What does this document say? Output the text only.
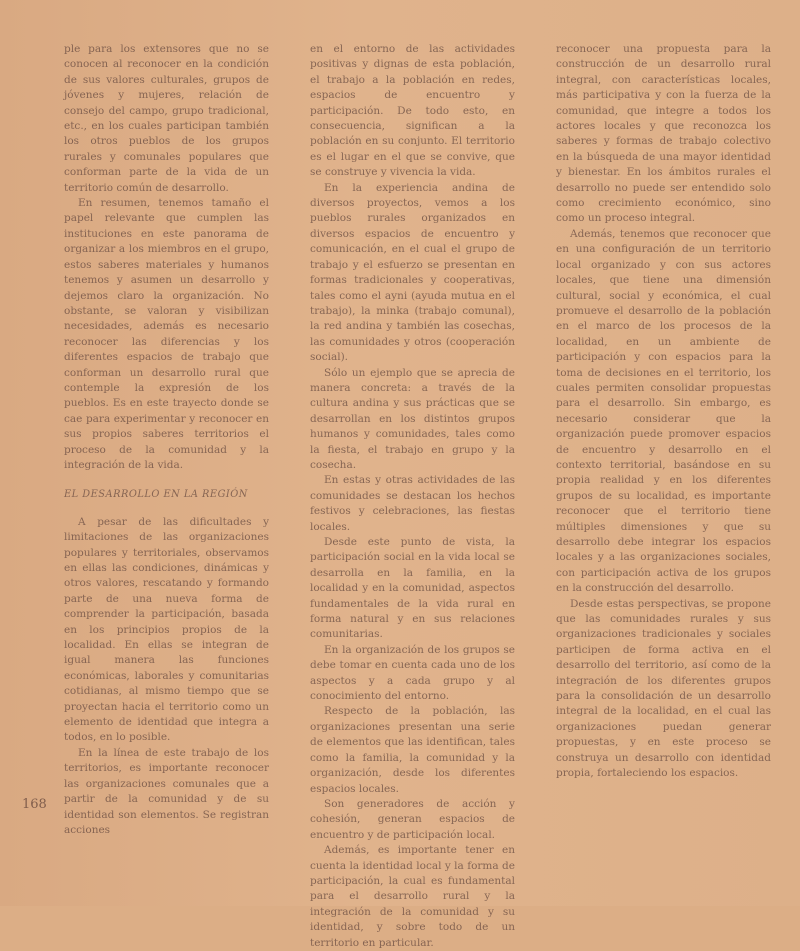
ple para los extensores que no se conocen al reconocer en la condición de sus valores culturales, grupos de jóvenes y mujeres, relación de consejo del campo, grupo tradicional, etc., en los cuales participan también los otros pueblos de los grupos rurales y comunales populares que conforman parte de la vida de un territorio común de desarrollo.

En resumen, tenemos tamaño el papel relevante que cumplen las instituciones en este panorama de organizar a los miembros en el grupo, estos saberes materiales y humanos tenemos y asumen un desarrollo y dejemos claro la organización. No obstante, se valoran y visibilizan necesidades, además es necesario reconocer las diferencias y los diferentes espacios de trabajo que conforman un desarrollo rural que contemple la expresión de los pueblos. Es en este trayecto donde se cae para experimentar y reconocer en sus propios saberes territorios el proceso de la comunidad y la integración de la vida.

EL DESARROLLO EN LA REGIÓN

A pesar de las dificultades y limitaciones de las organizaciones populares y territoriales, observamos en ellas las condiciones, dinámicas y otros valores, rescatando y formando parte de una nueva forma de comprender la participación, basada en los principios propios de la localidad. En ellas se integran de igual manera las funciones económicas, laborales y comunitarias cotidianas, al mismo tiempo que se proyectan hacia el territorio como un elemento de identidad que integra a todos, en lo posible.

En la línea de este trabajo de los territorios, es importante reconocer las organizaciones comunales que a partir de la comunidad y de su identidad son elementos. Se registran acciones

en el entorno de las actividades positivas y dignas de esta población, el trabajo a la población en redes, espacios de encuentro y participación. De todo esto, en consecuencia, significan a la población en su conjunto. El territorio es el lugar en el que se convive, que se construye y vivencia la vida.

En la experiencia andina de diversos proyectos, vemos a los pueblos rurales organizados en diversos espacios de encuentro y comunicación, en el cual el grupo de trabajo y el esfuerzo se presentan en formas tradicionales y cooperativas, tales como el ayni (ayuda mutua en el trabajo), la minka (trabajo comunal), la red andina y también las cosechas, las comunidades y otros (cooperación social).

Sólo un ejemplo que se aprecia de manera concreta: a través de la cultura andina y sus prácticas que se desarrollan en los distintos grupos humanos y comunidades, tales como la fiesta, el trabajo en grupo y la cosecha.

En estas y otras actividades de las comunidades se destacan los hechos festivos y celebraciones, las fiestas locales.

Desde este punto de vista, la participación social en la vida local se desarrolla en la familia, en la localidad y en la comunidad, aspectos fundamentales de la vida rural en forma natural y en sus relaciones comunitarias.

En la organización de los grupos se debe tomar en cuenta cada uno de los aspectos y a cada grupo y al conocimiento del entorno.

Respecto de la población, las organizaciones presentan una serie de elementos que las identifican, tales como la familia, la comunidad y la organización, desde los diferentes espacios locales.

Son generadores de acción y cohesión, generan espacios de encuentro y de participación local.

Además, es importante tener en cuenta la identidad local y la forma de participación, la cual es fundamental para el desarrollo rural y la integración de la comunidad y su identidad, y sobre todo de un territorio en particular.

reconocer una propuesta para la construcción de un desarrollo rural integral, con características locales, más participativa y con la fuerza de la comunidad, que integre a todos los actores locales y que reconozca los saberes y formas de trabajo colectivo en la búsqueda de una mayor identidad y bienestar. En los ámbitos rurales el desarrollo no puede ser entendido solo como crecimiento económico, sino como un proceso integral.

Además, tenemos que reconocer que en una configuración de un territorio local organizado y con sus actores locales, que tiene una dimensión cultural, social y económica, el cual promueve el desarrollo de la población en el marco de los procesos de la localidad, en un ambiente de participación y con espacios para la toma de decisiones en el territorio, los cuales permiten consolidar propuestas para el desarrollo. Sin embargo, es necesario considerar que la organización puede promover espacios de encuentro y desarrollo en el contexto territorial, basándose en su propia realidad y en los diferentes grupos de su localidad, es importante reconocer que el territorio tiene múltiples dimensiones y que su desarrollo debe integrar los espacios locales y a las organizaciones sociales, con participación activa de los grupos en la construcción del desarrollo.

Desde estas perspectivas, se propone que las comunidades rurales y sus organizaciones tradicionales y sociales participen de forma activa en el desarrollo del territorio, así como de la integración de los diferentes grupos para la consolidación de un desarrollo integral de la localidad, en el cual las organizaciones puedan generar propuestas, y en este proceso se construya un desarrollo con identidad propia, fortaleciendo los espacios.

168
